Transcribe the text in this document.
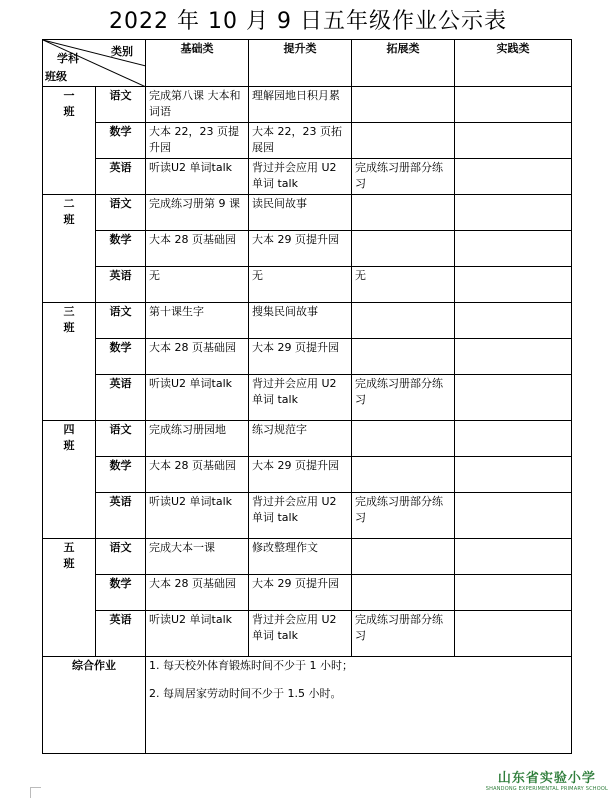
2022 年 10 月 9 日五年级作业公示表
类别
学科
班级		基础类	提升类	拓展类	实践类
一
班	语文	完成第八课 大本和词语	理解园地日积月累		
	数学	大本 22，23 页提升园	大本 22，23 页拓展园		
	英语	听读U2 单词talk	背过并会应用 U2 单词 talk	完成练习册部分练习	
二
班	语文	完成练习册第 9 课	读民间故事		
	数学	大本 28 页基础园	大本 29 页提升园		
	英语	无	无	无	
三
班	语文	第十课生字	搜集民间故事		
	数学	大本 28 页基础园	大本 29 页提升园		
	英语	听读U2 单词talk	背过并会应用 U2 单词 talk	完成练习册部分练习	
四
班	语文	完成练习册园地	练习规范字		
	数学	大本 28 页基础园	大本 29 页提升园		
	英语	听读U2 单词talk	背过并会应用 U2 单词 talk	完成练习册部分练习	
五
班	语文	完成大本一课	修改整理作文		
	数学	大本 28 页基础园	大本 29 页提升园		
	英语	听读U2 单词talk	背过并会应用 U2 单词 talk	完成练习册部分练习	
综合作业		1. 每天校外体育锻炼时间不少于 1 小时；
2. 每周居家劳动时间不少于 1.5 小时。			
山东省实验小学
SHANDONG EXPERIMENTAL PRIMARY SCHOOL
